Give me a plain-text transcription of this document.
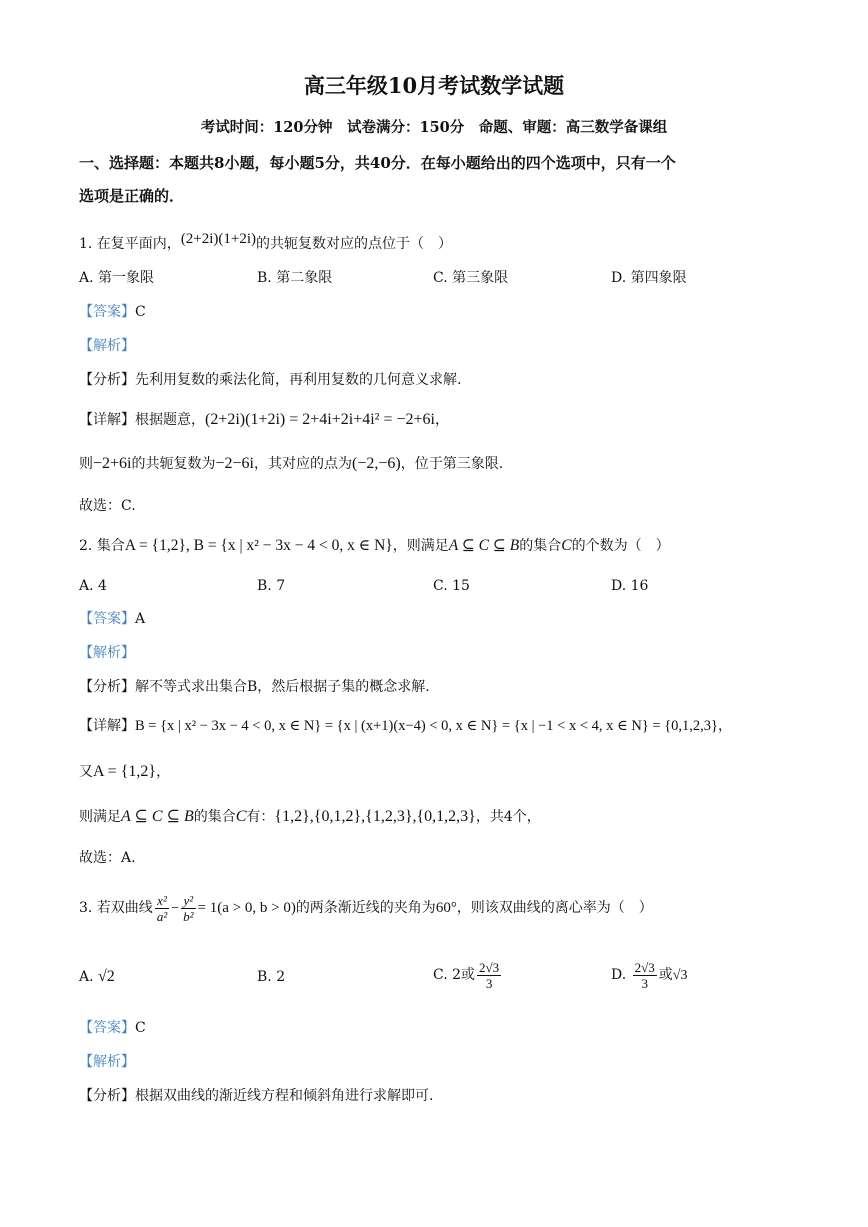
高三年级10月考试数学试题
考试时间：120分钟　试卷满分：150分　命题、审题：高三数学备课组
一、选择题：本题共8小题，每小题5分，共40分．在每小题给出的四个选项中，只有一个
选项是正确的．
1. 在复平面内，(2+2i)(1+2i)的共轭复数对应的点位于（　）
A. 第一象限	B. 第二象限	C. 第三象限	D. 第四象限
【答案】C
【解析】
【分析】先利用复数的乘法化简，再利用复数的几何意义求解.
【详解】根据题意，(2+2i)(1+2i) = 2+4i+2i+4i² = −2+6i，
则−2+6i的共轭复数为−2−6i，其对应的点为(−2,−6)，位于第三象限.
故选：C.
2. 集合A = {1,2}, B = {x | x² − 3x − 4 < 0, x ∈ N}，则满足A ⊆ C ⊆ B的集合C的个数为（　）
A. 4	B. 7	C. 15	D. 16
【答案】A
【解析】
【分析】解不等式求出集合B，然后根据子集的概念求解.
【详解】B = {x | x² − 3x − 4 < 0, x ∈ N} = {x | (x+1)(x−4) < 0, x ∈ N} = {x | −1 < x < 4, x ∈ N} = {0,1,2,3}，
又A = {1,2}，
则满足A ⊆ C ⊆ B的集合C有：{1,2},{0,1,2},{1,2,3},{0,1,2,3}，共4个，
故选：A.
3. 若双曲线 $\frac{\text{x²}}{\text{a²}} - \frac{\text{y²}}{\text{b²}} = 1(a > 0$, b > 0)的两条渐近线的夹角为60°，则该双曲线的离心率为（　）
A. √2	B. 2	C. 2或 $\frac{2√3}{3}$	D. $\frac{2√3}{3}$ 或√3
【答案】C
【解析】
【分析】根据双曲线的渐近线方程和倾斜角进行求解即可.
